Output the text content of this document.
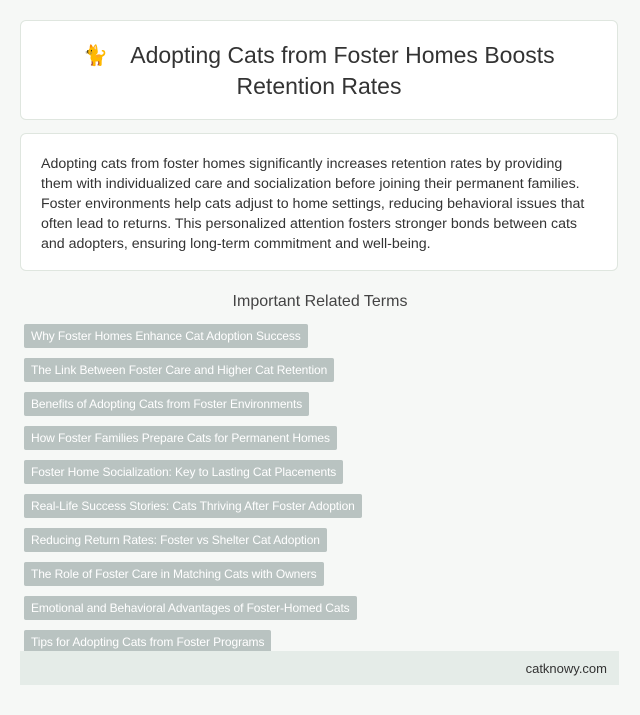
🐈 Adopting Cats from Foster Homes Boosts Retention Rates

Adopting cats from foster homes significantly increases retention rates by providing them with individualized care and socialization before joining their permanent families. Foster environments help cats adjust to home settings, reducing behavioral issues that often lead to returns. This personalized attention fosters stronger bonds between cats and adopters, ensuring long-term commitment and well-being.

Important Related Terms
Why Foster Homes Enhance Cat Adoption Success
The Link Between Foster Care and Higher Cat Retention
Benefits of Adopting Cats from Foster Environments
How Foster Families Prepare Cats for Permanent Homes
Foster Home Socialization: Key to Lasting Cat Placements
Real-Life Success Stories: Cats Thriving After Foster Adoption
Reducing Return Rates: Foster vs Shelter Cat Adoption
The Role of Foster Care in Matching Cats with Owners
Emotional and Behavioral Advantages of Foster-Homed Cats
Tips for Adopting Cats from Foster Programs
catknowy.com
